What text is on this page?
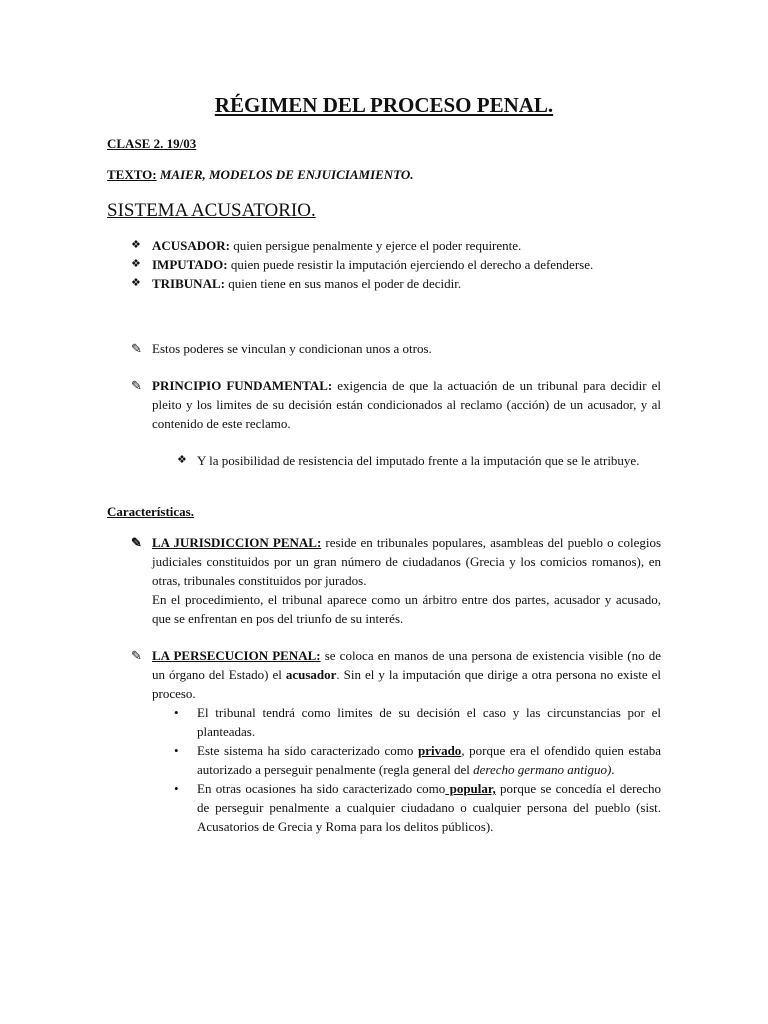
RÉGIMEN DEL PROCESO PENAL.
CLASE 2. 19/03
TEXTO: MAIER, MODELOS DE ENJUICIAMIENTO.
SISTEMA ACUSATORIO.
❖ ACUSADOR: quien persigue penalmente y ejerce el poder requirente.
❖ IMPUTADO: quien puede resistir la imputación ejerciendo el derecho a defenderse.
❖ TRIBUNAL: quien tiene en sus manos el poder de decidir.
✎ Estos poderes se vinculan y condicionan unos a otros.

✎ PRINCIPIO FUNDAMENTAL: exigencia de que la actuación de un tribunal para decidir el pleito y los limites de su decisión están condicionados al reclamo (acción) de un acusador, y al contenido de este reclamo.

❖ Y la posibilidad de resistencia del imputado frente a la imputación que se le atribuye.

Características.
✎ LA JURISDICCION PENAL: reside en tribunales populares, asambleas del pueblo o colegios judiciales constituidos por un gran número de ciudadanos (Grecia y los comicios romanos), en otras, tribunales constituidos por jurados.

En el procedimiento, el tribunal aparece como un árbitro entre dos partes, acusador y acusado, que se enfrentan en pos del triunfo de su interés.

✎ LA PERSECUCION PENAL: se coloca en manos de una persona de existencia visible (no de un órgano del Estado) el acusador. Sin el y la imputación que dirige a otra persona no existe el proceso.

• El tribunal tendrá como limites de su decisión el caso y las circunstancias por el planteadas.
• Este sistema ha sido caracterizado como privado, porque era el ofendido quien estaba autorizado a perseguir penalmente (regla general del derecho germano antiguo).
• En otras ocasiones ha sido caracterizado como popular, porque se concedía el derecho de perseguir penalmente a cualquier ciudadano o cualquier persona del pueblo (sist. Acusatorios de Grecia y Roma para los delitos públicos).
